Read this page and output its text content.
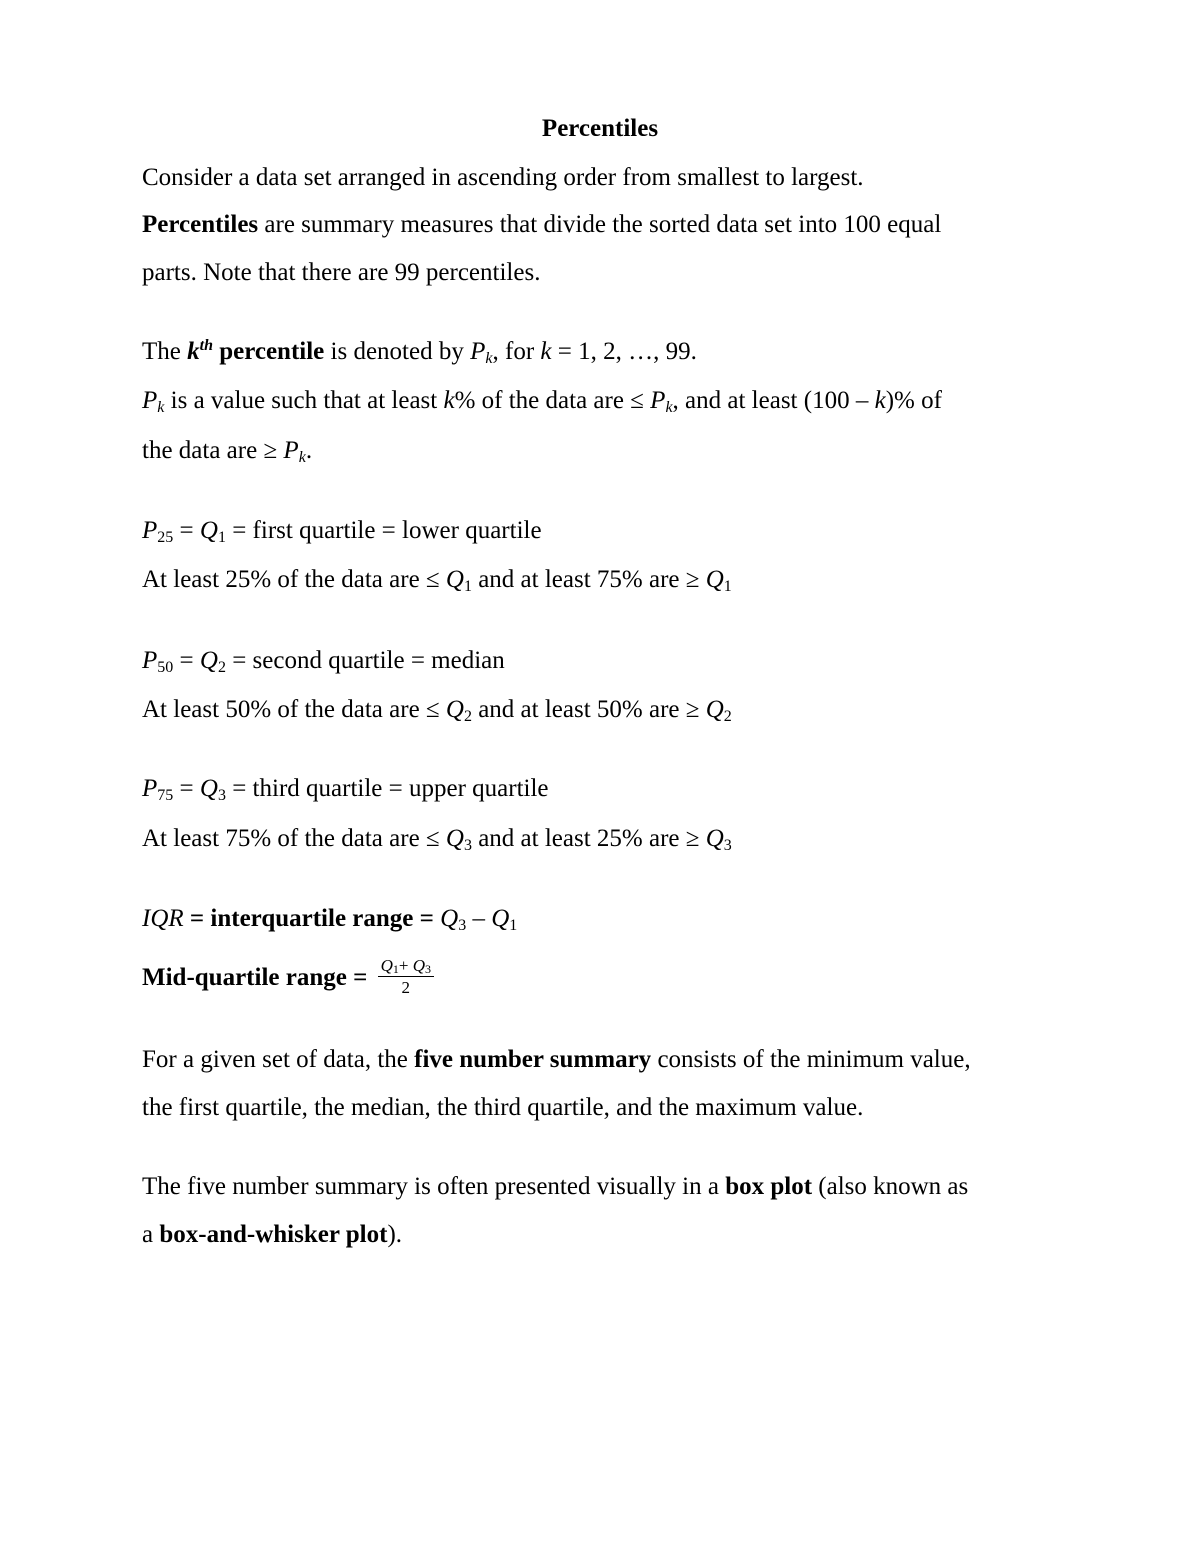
Percentiles
Consider a data set arranged in ascending order from smallest to largest.
Percentiles are summary measures that divide the sorted data set into 100 equal
parts. Note that there are 99 percentiles.
The $k^{th}$ percentile is denoted by $P_k$, for k = 1, 2, …, 99.
$P_k$ is a value such that at least k% of the data are ≤ $P_k$, and at least (100 – k)% of
the data are ≥ $P_k$.
$P_{25} = Q_1$ = first quartile = lower quartile
At least 25% of the data are ≤ $Q_1$ and at least 75% are ≥ $Q_1$
$P_{50} = Q_2$ = second quartile = median
At least 50% of the data are ≤ $Q_2$ and at least 50% are ≥ $Q_2$
$P_{75} = Q_3$ = third quartile = upper quartile
At least 75% of the data are ≤ $Q_3$ and at least 25% are ≥ $Q_3$
IQR = interquartile range = $Q_3 - Q_1$
Mid-quartile range = $\frac{Q_1+ Q_3}{2}$
For a given set of data, the five number summary consists of the minimum value,
the first quartile, the median, the third quartile, and the maximum value.
The five number summary is often presented visually in a box plot (also known as
a box-and-whisker plot).
